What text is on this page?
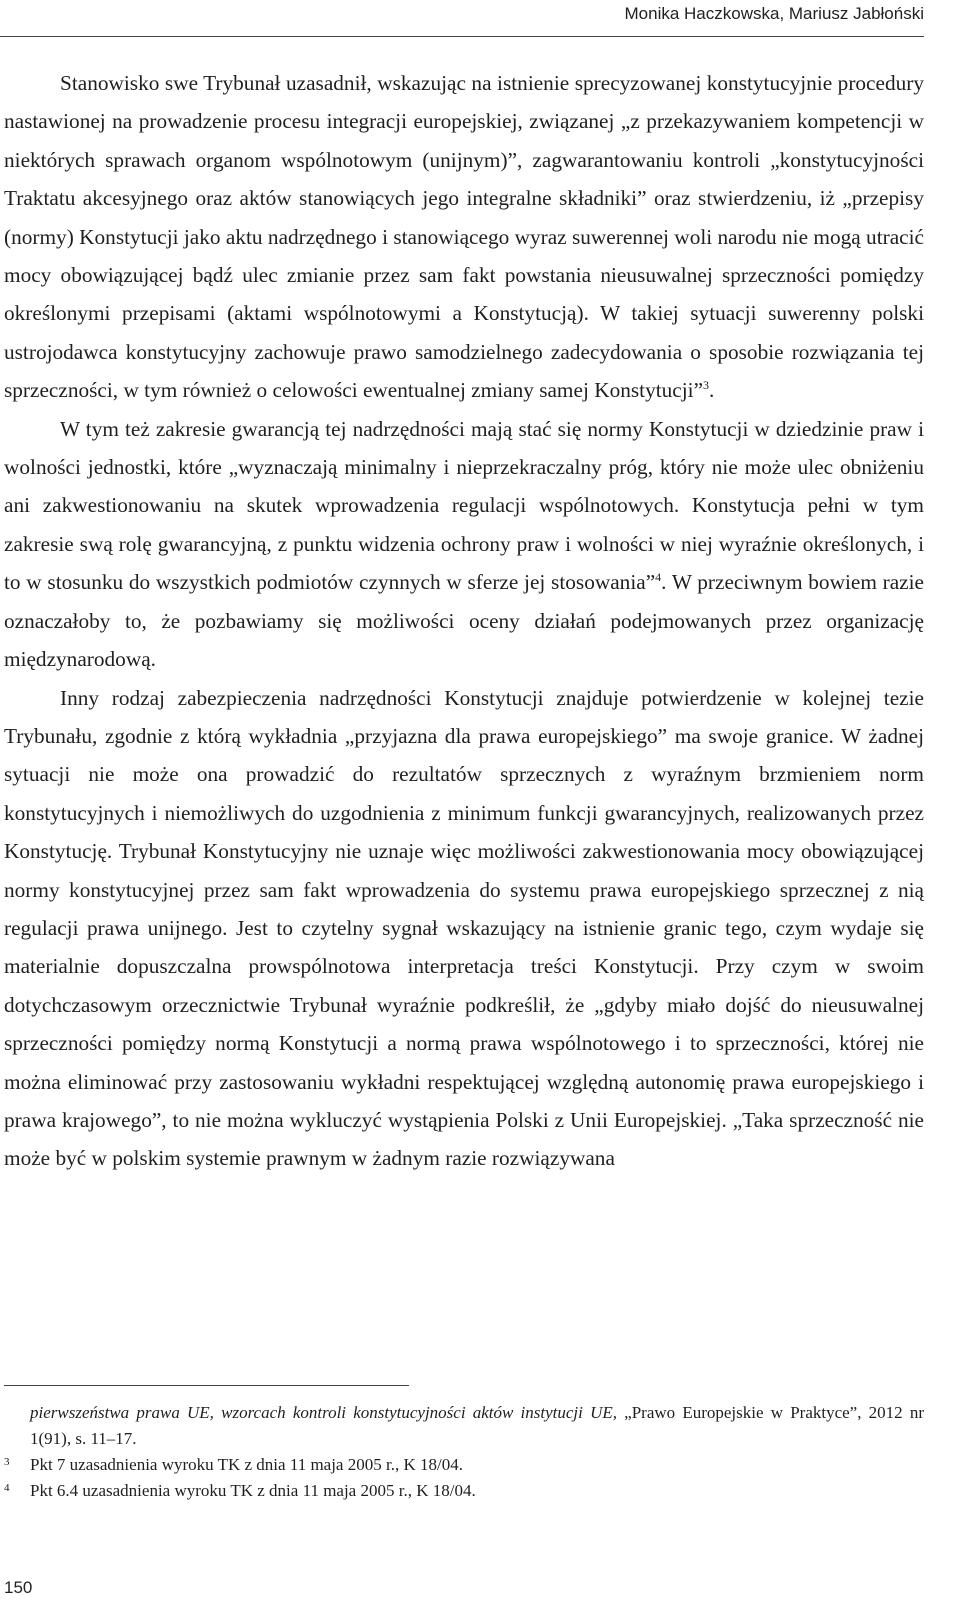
Monika Haczkowska, Mariusz Jabłoński

Stanowisko swe Trybunał uzasadnił, wskazując na istnienie sprecyzowanej konstytucyjnie procedury nastawionej na prowadzenie procesu integracji europejskiej, związanej „z przekazywaniem kompetencji w niektórych sprawach organom wspólnotowym (unijnym)”, zagwarantowaniu kontroli „konstytucyjności Traktatu akcesyjnego oraz aktów stanowiących jego integralne składniki” oraz stwierdzeniu, iż „przepisy (normy) Konstytucji jako aktu nadrzędnego i stanowiącego wyraz suwerennej woli narodu nie mogą utracić mocy obowiązującej bądź ulec zmianie przez sam fakt powstania nieusuwalnej sprzeczności pomiędzy określonymi przepisami (aktami wspólnotowymi a Konstytucją). W takiej sytuacji suwerenny polski ustrojodawca konstytucyjny zachowuje prawo samodzielnego zadecydowania o sposobie rozwiązania tej sprzeczności, w tym również o celowości ewentualnej zmiany samej Konstytucji”$^3$.

W tym też zakresie gwarancją tej nadrzędności mają stać się normy Konstytucji w dziedzinie praw i wolności jednostki, które „wyznaczają minimalny i nieprzekraczalny próg, który nie może ulec obniżeniu ani zakwestionowaniu na skutek wprowadzenia regulacji wspólnotowych. Konstytucja pełni w tym zakresie swą rolę gwarancyjną, z punktu widzenia ochrony praw i wolności w niej wyraźnie określonych, i to w stosunku do wszystkich podmiotów czynnych w sferze jej stosowania”$^4$. W przeciwnym bowiem razie oznaczałoby to, że pozbawiamy się możliwości oceny działań podejmowanych przez organizację międzynarodową.

Inny rodzaj zabezpieczenia nadrzędności Konstytucji znajduje potwierdzenie w kolejnej tezie Trybunału, zgodnie z którą wykładnia „przyjazna dla prawa europejskiego” ma swoje granice. W żadnej sytuacji nie może ona prowadzić do rezultatów sprzecznych z wyraźnym brzmieniem norm konstytucyjnych i niemożliwych do uzgodnienia z minimum funkcji gwarancyjnych, realizowanych przez Konstytucję. Trybunał Konstytucyjny nie uznaje więc możliwości zakwestionowania mocy obowiązującej normy konstytucyjnej przez sam fakt wprowadzenia do systemu prawa europejskiego sprzecznej z nią regulacji prawa unijnego. Jest to czytelny sygnał wskazujący na istnienie granic tego, czym wydaje się materialnie dopuszczalna prowspólnotowa interpretacja treści Konstytucji. Przy czym w swoim dotychczasowym orzecznictwie Trybunał wyraźnie podkreślił, że „gdyby miało dojść do nieusuwalnej sprzeczności pomiędzy normą Konstytucji a normą prawa wspólnotowego i to sprzeczności, której nie można eliminować przy zastosowaniu wykładni respektującej względną autonomię prawa europejskiego i prawa krajowego”, to nie można wykluczyć wystąpienia Polski z Unii Europejskiej. „Taka sprzeczność nie może być w polskim systemie prawnym w żadnym razie rozwiązywana

pierwszeństwa prawa UE, wzorcach kontroli konstytucyjności aktów instytucji UE, „Prawo Europejskie w Praktyce”, 2012 nr 1(91), s. 11–17.
3 Pkt 7 uzasadnienia wyroku TK z dnia 11 maja 2005 r., K 18/04.
4 Pkt 6.4 uzasadnienia wyroku TK z dnia 11 maja 2005 r., K 18/04.
150
